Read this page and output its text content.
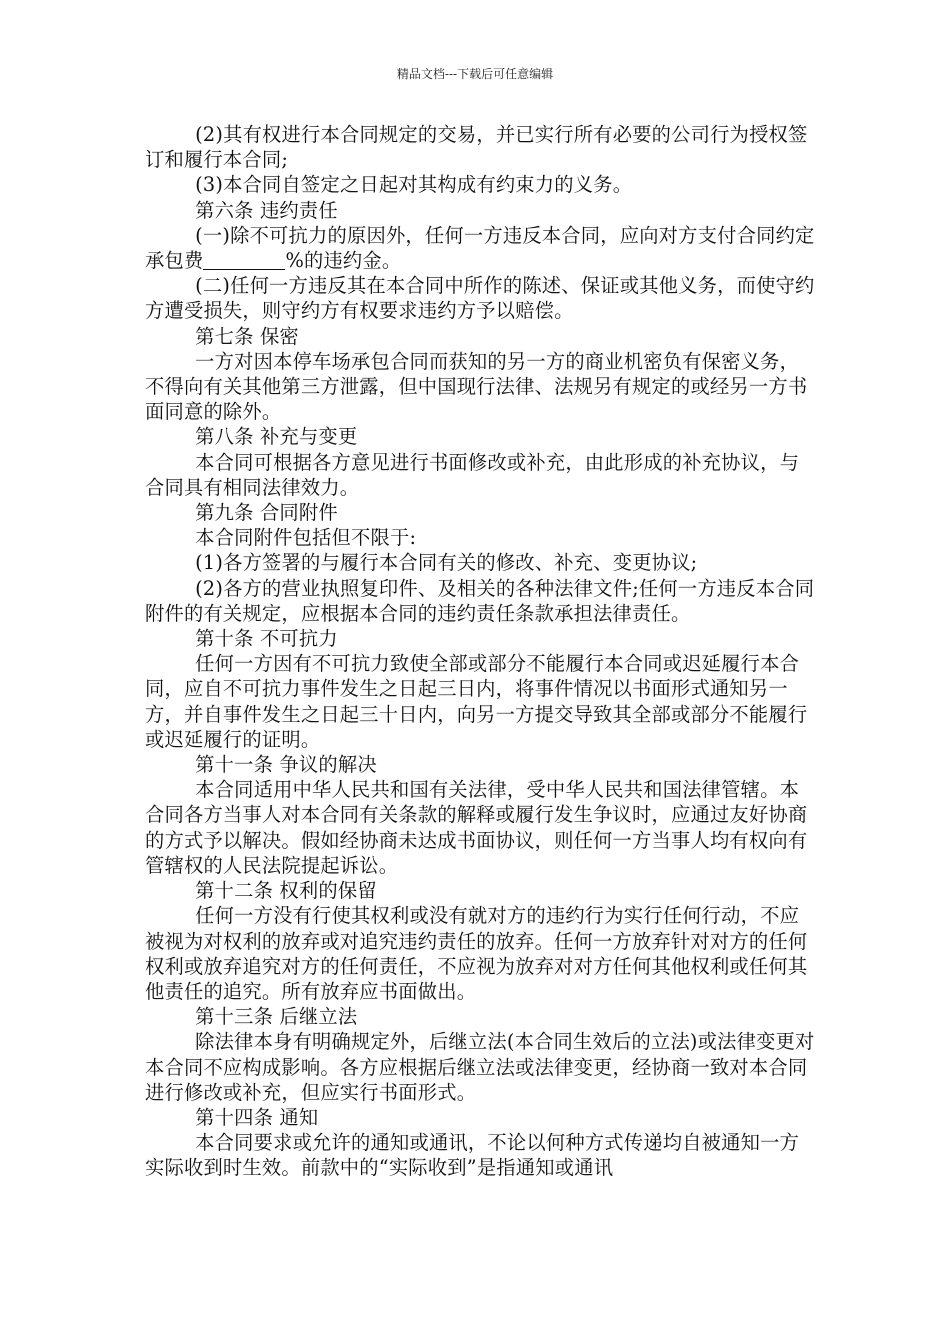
精品文档---下载后可任意编辑

(2)其有权进行本合同规定的交易，并已实行所有必要的公司行为授权签订和履行本合同;

(3)本合同自签定之日起对其构成有约束力的义务。

第六条 违约责任

(一)除不可抗力的原因外，任何一方违反本合同，应向对方支付合同约定承包费	%的违约金。

(二)任何一方违反其在本合同中所作的陈述、保证或其他义务，而使守约方遭受损失，则守约方有权要求违约方予以赔偿。

第七条 保密

一方对因本停车场承包合同而获知的另一方的商业机密负有保密义务，不得向有关其他第三方泄露，但中国现行法律、法规另有规定的或经另一方书面同意的除外。

第八条 补充与变更

本合同可根据各方意见进行书面修改或补充，由此形成的补充协议，与合同具有相同法律效力。

第九条 合同附件

本合同附件包括但不限于:

(1)各方签署的与履行本合同有关的修改、补充、变更协议;

(2)各方的营业执照复印件、及相关的各种法律文件;任何一方违反本合同附件的有关规定，应根据本合同的违约责任条款承担法律责任。

第十条 不可抗力

任何一方因有不可抗力致使全部或部分不能履行本合同或迟延履行本合同，应自不可抗力事件发生之日起三日内，将事件情况以书面形式通知另一方，并自事件发生之日起三十日内，向另一方提交导致其全部或部分不能履行或迟延履行的证明。

第十一条 争议的解决

本合同适用中华人民共和国有关法律，受中华人民共和国法律管辖。本合同各方当事人对本合同有关条款的解释或履行发生争议时，应通过友好协商的方式予以解决。假如经协商未达成书面协议，则任何一方当事人均有权向有管辖权的人民法院提起诉讼。

第十二条 权利的保留

任何一方没有行使其权利或没有就对方的违约行为实行任何行动，不应被视为对权利的放弃或对追究违约责任的放弃。任何一方放弃针对对方的任何权利或放弃追究对方的任何责任，不应视为放弃对对方任何其他权利或任何其他责任的追究。所有放弃应书面做出。

第十三条 后继立法

除法律本身有明确规定外，后继立法(本合同生效后的立法)或法律变更对本合同不应构成影响。各方应根据后继立法或法律变更，经协商一致对本合同进行修改或补充，但应实行书面形式。

第十四条 通知

本合同要求或允许的通知或通讯，不论以何种方式传递均自被通知一方实际收到时生效。前款中的“实际收到”是指通知或通讯
